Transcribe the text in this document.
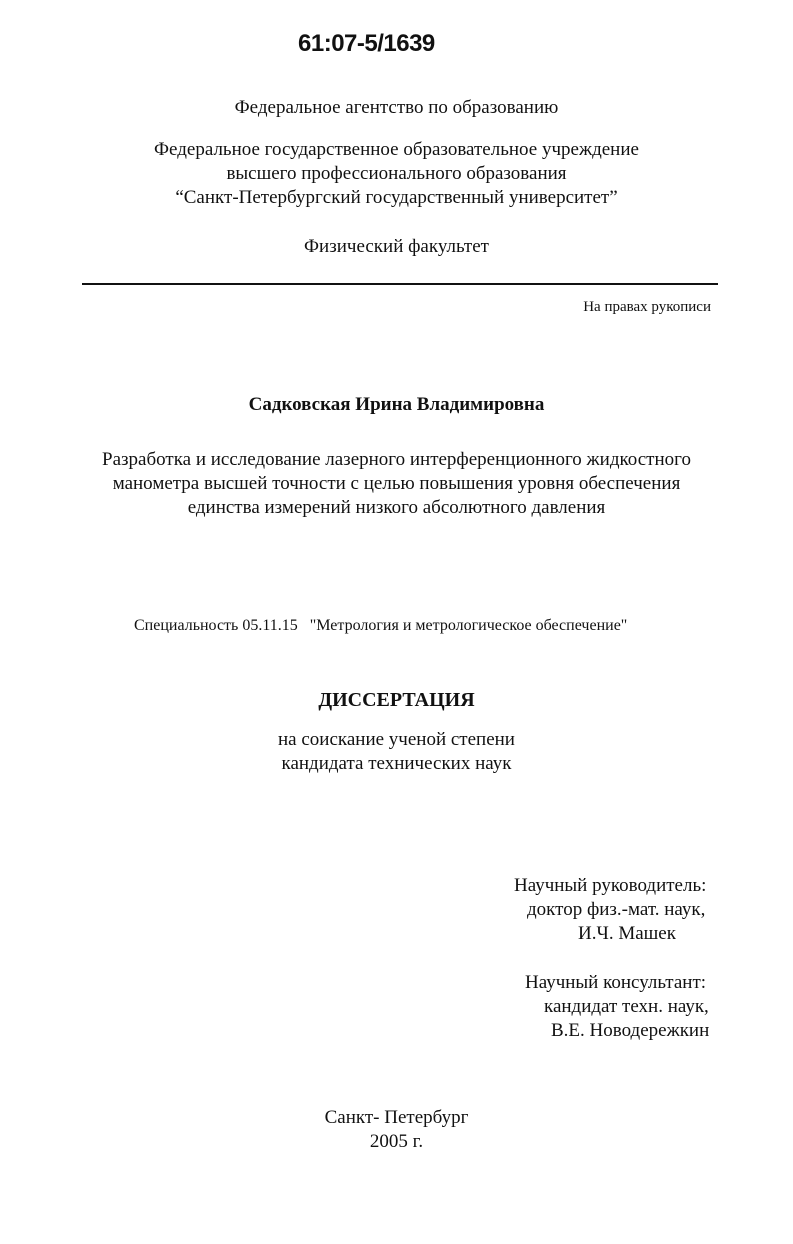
61:07-5/1639
Федеральное агентство по образованию
Федеральное государственное образовательное учреждение
высшего профессионального образования
“Санкт-Петербургский государственный университет”
Физический факультет
На правах рукописи
Садковская Ирина Владимировна
Разработка и исследование лазерного интерференционного жидкостного
манометра высшей точности с целью повышения уровня обеспечения
единства измерений низкого абсолютного давления
Специальность 05.11.15 "Метрология и метрологическое обеспечение"
ДИССЕРТАЦИЯ
на соискание ученой степени
кандидата технических наук
Научный руководитель:
доктор физ.-мат. наук,
И.Ч. Машек
Научный консультант:
кандидат техн. наук,
В.Е. Новодережкин
Санкт- Петербург
2005 г.
